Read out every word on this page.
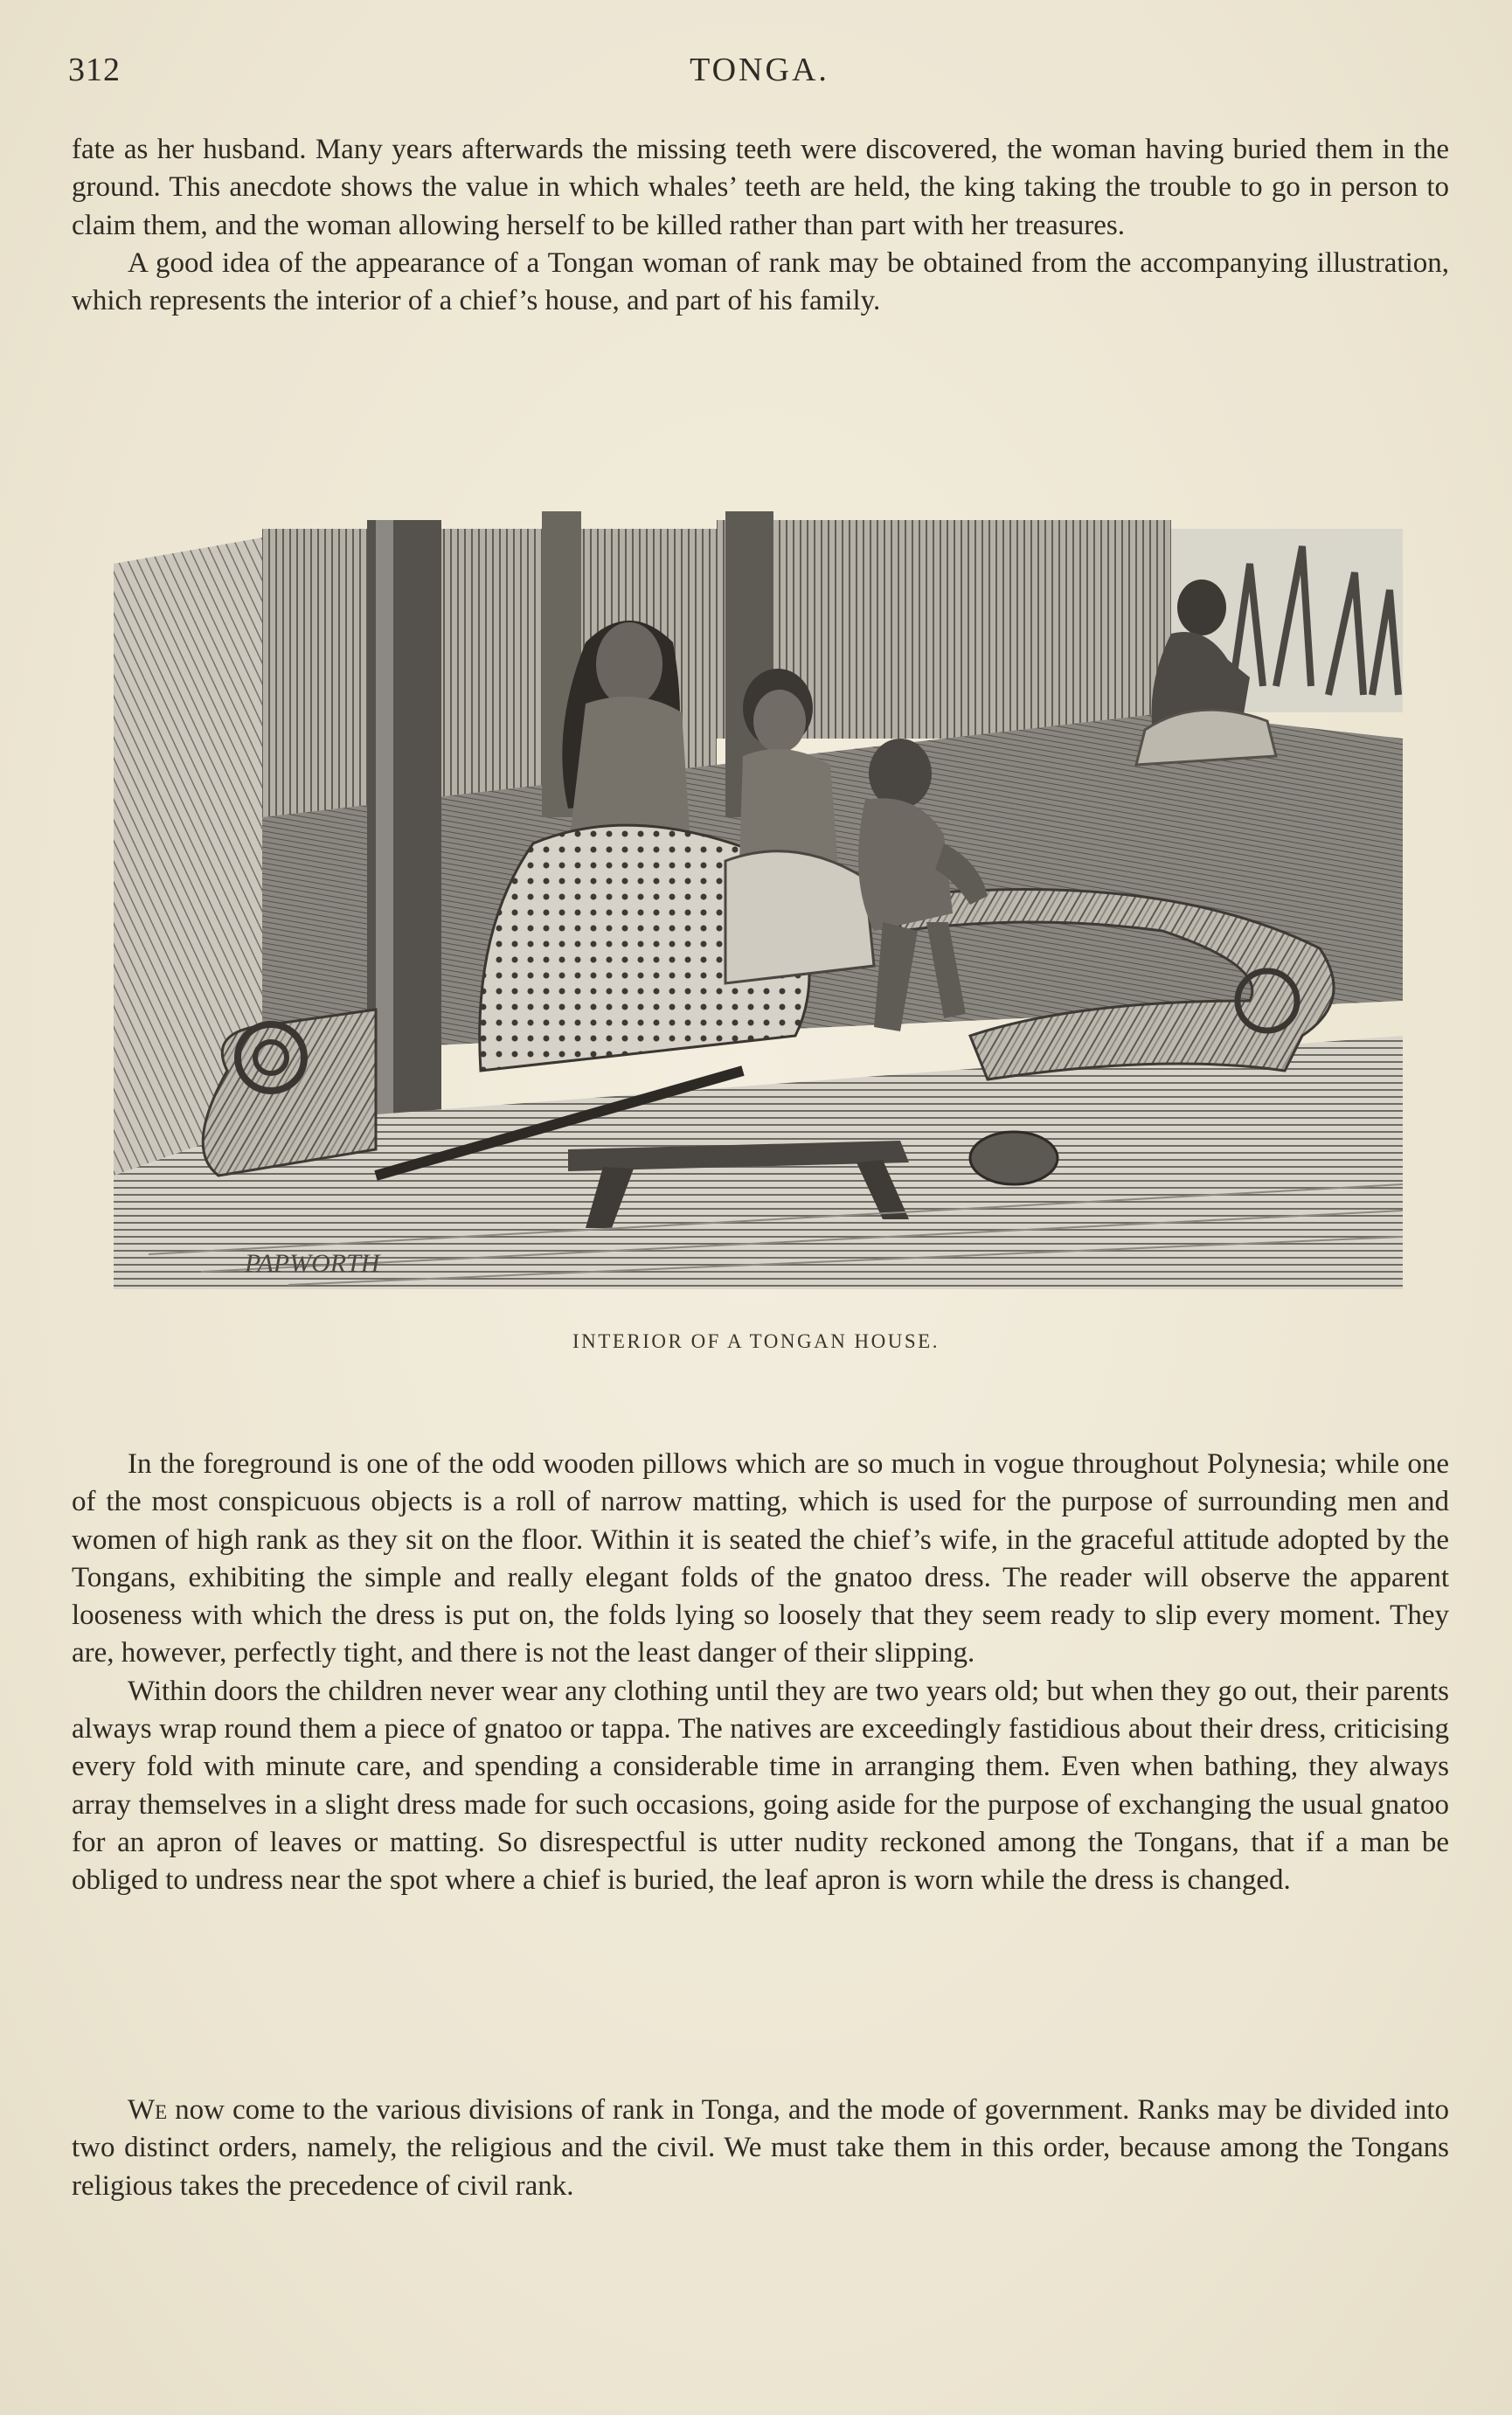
312	TONGA.

fate as her husband. Many years afterwards the missing teeth were discovered, the woman having buried them in the ground. This anecdote shows the value in which whales’ teeth are held, the king taking the trouble to go in person to claim them, and the woman allowing herself to be killed rather than part with her treasures.

A good idea of the appearance of a Tongan woman of rank may be obtained from the accompanying illustration, which represents the interior of a chief’s house, and part of his family.

PAPWORTH
INTERIOR OF A TONGAN HOUSE.

In the foreground is one of the odd wooden pillows which are so much in vogue throughout Polynesia; while one of the most conspicuous objects is a roll of narrow matting, which is used for the purpose of surrounding men and women of high rank as they sit on the floor. Within it is seated the chief’s wife, in the graceful attitude adopted by the Tongans, exhibiting the simple and really elegant folds of the gnatoo dress. The reader will observe the apparent looseness with which the dress is put on, the folds lying so loosely that they seem ready to slip every moment. They are, however, perfectly tight, and there is not the least danger of their slipping.

Within doors the children never wear any clothing until they are two years old; but when they go out, their parents always wrap round them a piece of gnatoo or tappa. The natives are exceedingly fastidious about their dress, criticising every fold with minute care, and spending a considerable time in arranging them. Even when bathing, they always array themselves in a slight dress made for such occasions, going aside for the purpose of exchanging the usual gnatoo for an apron of leaves or matting. So disrespectful is utter nudity reckoned among the Tongans, that if a man be obliged to undress near the spot where a chief is buried, the leaf apron is worn while the dress is changed.

We now come to the various divisions of rank in Tonga, and the mode of government. Ranks may be divided into two distinct orders, namely, the religious and the civil. We must take them in this order, because among the Tongans religious takes the precedence of civil rank.
